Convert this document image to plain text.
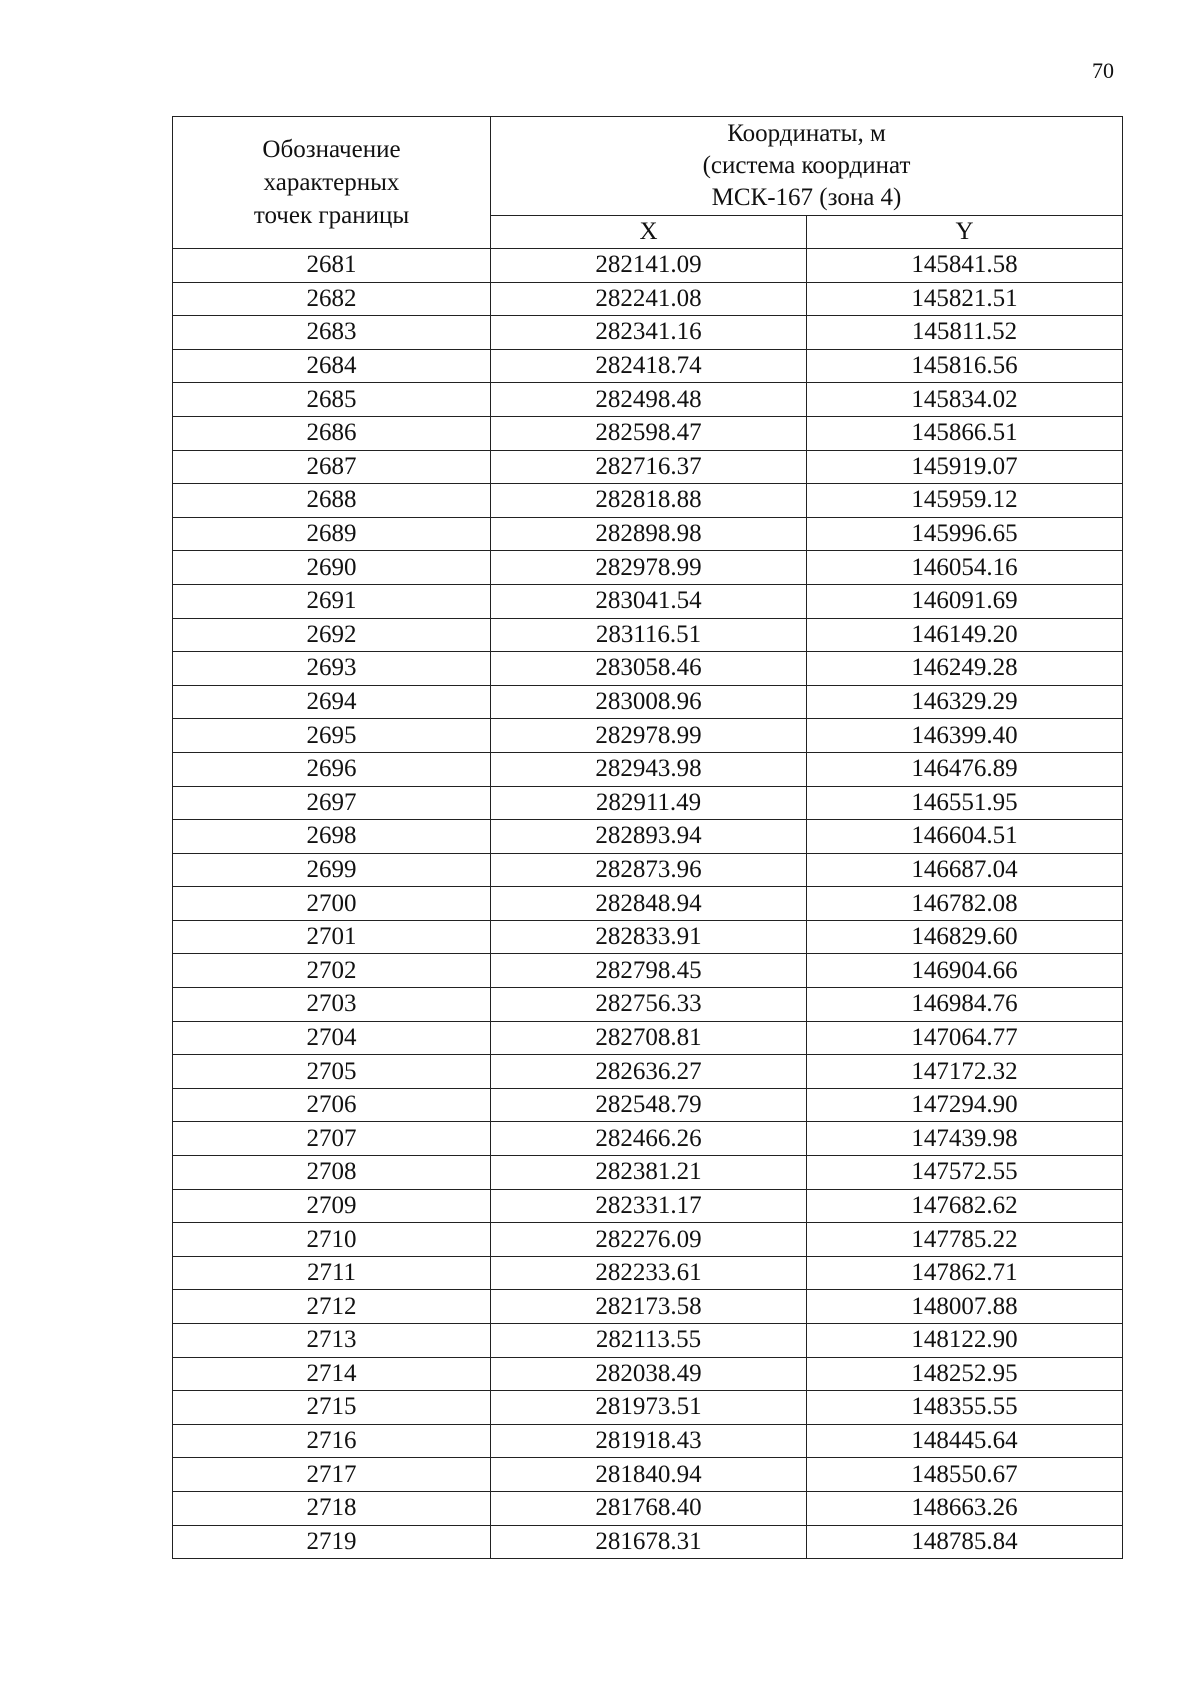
70
Обозначение
характерных
точек границы	Координаты, м
(система координат
МСК-167 (зона 4)	

	X	Y
2681	282141.09	145841.58
2682	282241.08	145821.51
2683	282341.16	145811.52
2684	282418.74	145816.56
2685	282498.48	145834.02
2686	282598.47	145866.51
2687	282716.37	145919.07
2688	282818.88	145959.12
2689	282898.98	145996.65
2690	282978.99	146054.16
2691	283041.54	146091.69
2692	283116.51	146149.20
2693	283058.46	146249.28
2694	283008.96	146329.29
2695	282978.99	146399.40
2696	282943.98	146476.89
2697	282911.49	146551.95
2698	282893.94	146604.51
2699	282873.96	146687.04
2700	282848.94	146782.08
2701	282833.91	146829.60
2702	282798.45	146904.66
2703	282756.33	146984.76
2704	282708.81	147064.77
2705	282636.27	147172.32
2706	282548.79	147294.90
2707	282466.26	147439.98
2708	282381.21	147572.55
2709	282331.17	147682.62
2710	282276.09	147785.22
2711	282233.61	147862.71
2712	282173.58	148007.88
2713	282113.55	148122.90
2714	282038.49	148252.95
2715	281973.51	148355.55
2716	281918.43	148445.64
2717	281840.94	148550.67
2718	281768.40	148663.26
2719	281678.31	148785.84
